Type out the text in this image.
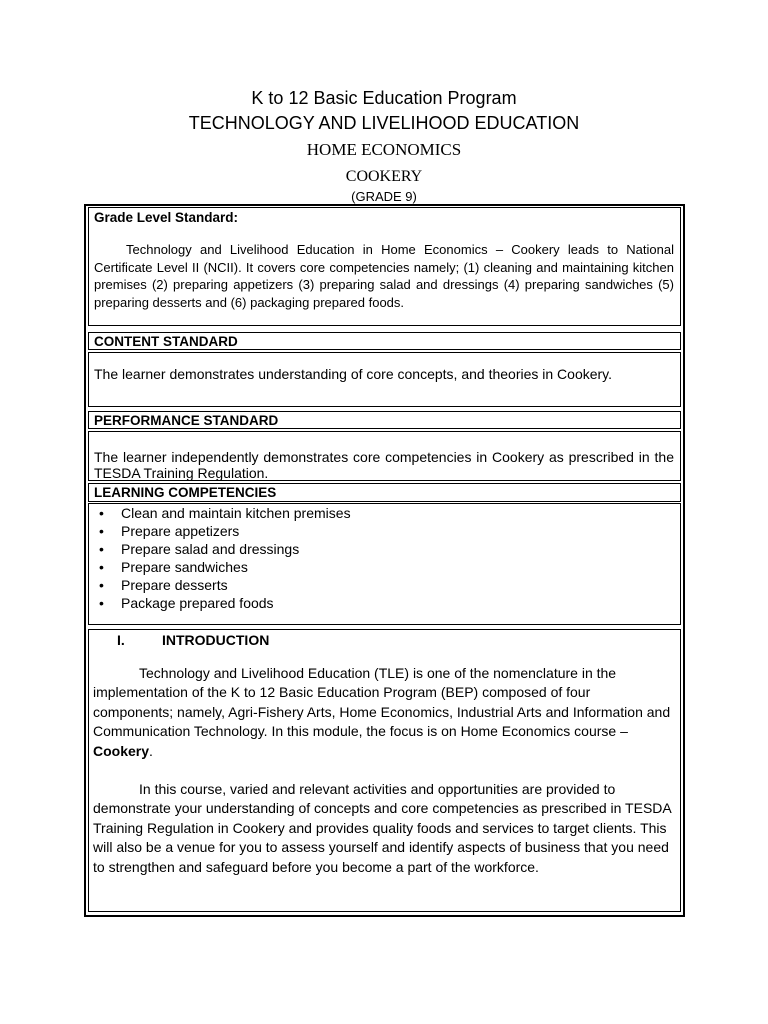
K to 12 Basic Education Program
TECHNOLOGY AND LIVELIHOOD EDUCATION
HOME ECONOMICS
COOKERY
(GRADE 9)
Grade Level Standard:
Technology and Livelihood Education in Home Economics – Cookery leads to National Certificate Level II (NCII). It covers core competencies namely; (1) cleaning and maintaining kitchen premises (2) preparing appetizers (3) preparing salad and dressings (4) preparing sandwiches (5) preparing desserts and (6) packaging prepared foods.
CONTENT STANDARD
The learner demonstrates understanding of core concepts, and theories in Cookery.
PERFORMANCE STANDARD
The learner independently demonstrates core competencies in Cookery as prescribed in the TESDA Training Regulation.
LEARNING COMPETENCIES
• Clean and maintain kitchen premises
• Prepare appetizers
• Prepare salad and dressings
• Prepare sandwiches
• Prepare desserts
• Package prepared foods
I.	INTRODUCTION

Technology and Livelihood Education (TLE) is one of the nomenclature in the implementation of the K to 12 Basic Education Program (BEP) composed of four components; namely, Agri-Fishery Arts, Home Economics, Industrial Arts and Information and Communication Technology. In this module, the focus is on Home Economics course – Cookery.

In this course, varied and relevant activities and opportunities are provided to demonstrate your understanding of concepts and core competencies as prescribed in TESDA Training Regulation in Cookery and provides quality foods and services to target clients. This will also be a venue for you to assess yourself and identify aspects of business that you need to strengthen and safeguard before you become a part of the workforce.
